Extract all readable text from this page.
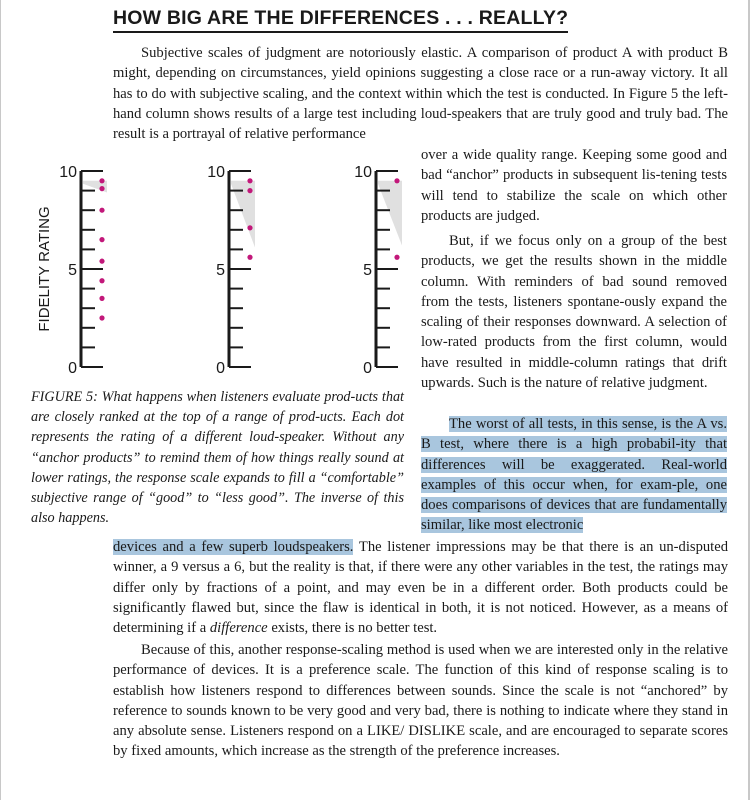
HOW BIG ARE THE DIFFERENCES . . . REALLY?

Subjective scales of judgment are notoriously elastic. A comparison of product A with product B might, depending on circumstances, yield opinions suggesting a close race or a run-away victory. It all has to do with subjective scaling, and the context within which the test is conducted. In Figure 5 the left-hand column shows results of a large test including loud-speakers that are truly good and truly bad. The result is a portrayal of relative performance

over a wide quality range. Keeping some good and bad “anchor” products in subsequent lis-tening tests will tend to stabilize the scale on which other products are judged.

But, if we focus only on a group of the best products, we get the results shown in the middle column. With reminders of bad sound removed from the tests, listeners spontane-ously expand the scaling of their responses downward. A selection of low-rated products from the first column, would have resulted in middle-column ratings that drift upwards. Such is the nature of relative judgment.

The worst of all tests, in this sense, is the A vs. B test, where there is a high probabil-ity that differences will be exaggerated. Real-world examples of this occur when, for exam-ple, one does comparisons of devices that are fundamentally similar, like most electronic

devices and a few superb loudspeakers. The listener impressions may be that there is an un-disputed winner, a 9 versus a 6, but the reality is that, if there were any other variables in the test, the ratings may differ only by fractions of a point, and may even be in a different order. Both products could be significantly flawed but, since the flaw is identical in both, it is not noticed. However, as a means of determining if a difference exists, there is no better test.

Because of this, another response-scaling method is used when we are interested only in the relative performance of devices. It is a preference scale. The function of this kind of response scaling is to establish how listeners respond to differences between sounds. Since the scale is not “anchored” by reference to sounds known to be very good and very bad, there is nothing to indicate where they stand in any absolute sense. Listeners respond on a LIKE/ DISLIKE scale, and are encouraged to separate scores by fixed amounts, which increase as the strength of the preference increases.

FIDELITY RATING
10
5
0
10
5
0
10
5
0

FIGURE 5: What happens when listeners evaluate prod-ucts that are closely ranked at the top of a range of prod-ucts. Each dot represents the rating of a different loud-speaker. Without any “anchor products” to remind them of how things really sound at lower ratings, the response scale expands to fill a “comfortable” subjective range of “good” to “less good”. The inverse of this also happens.
